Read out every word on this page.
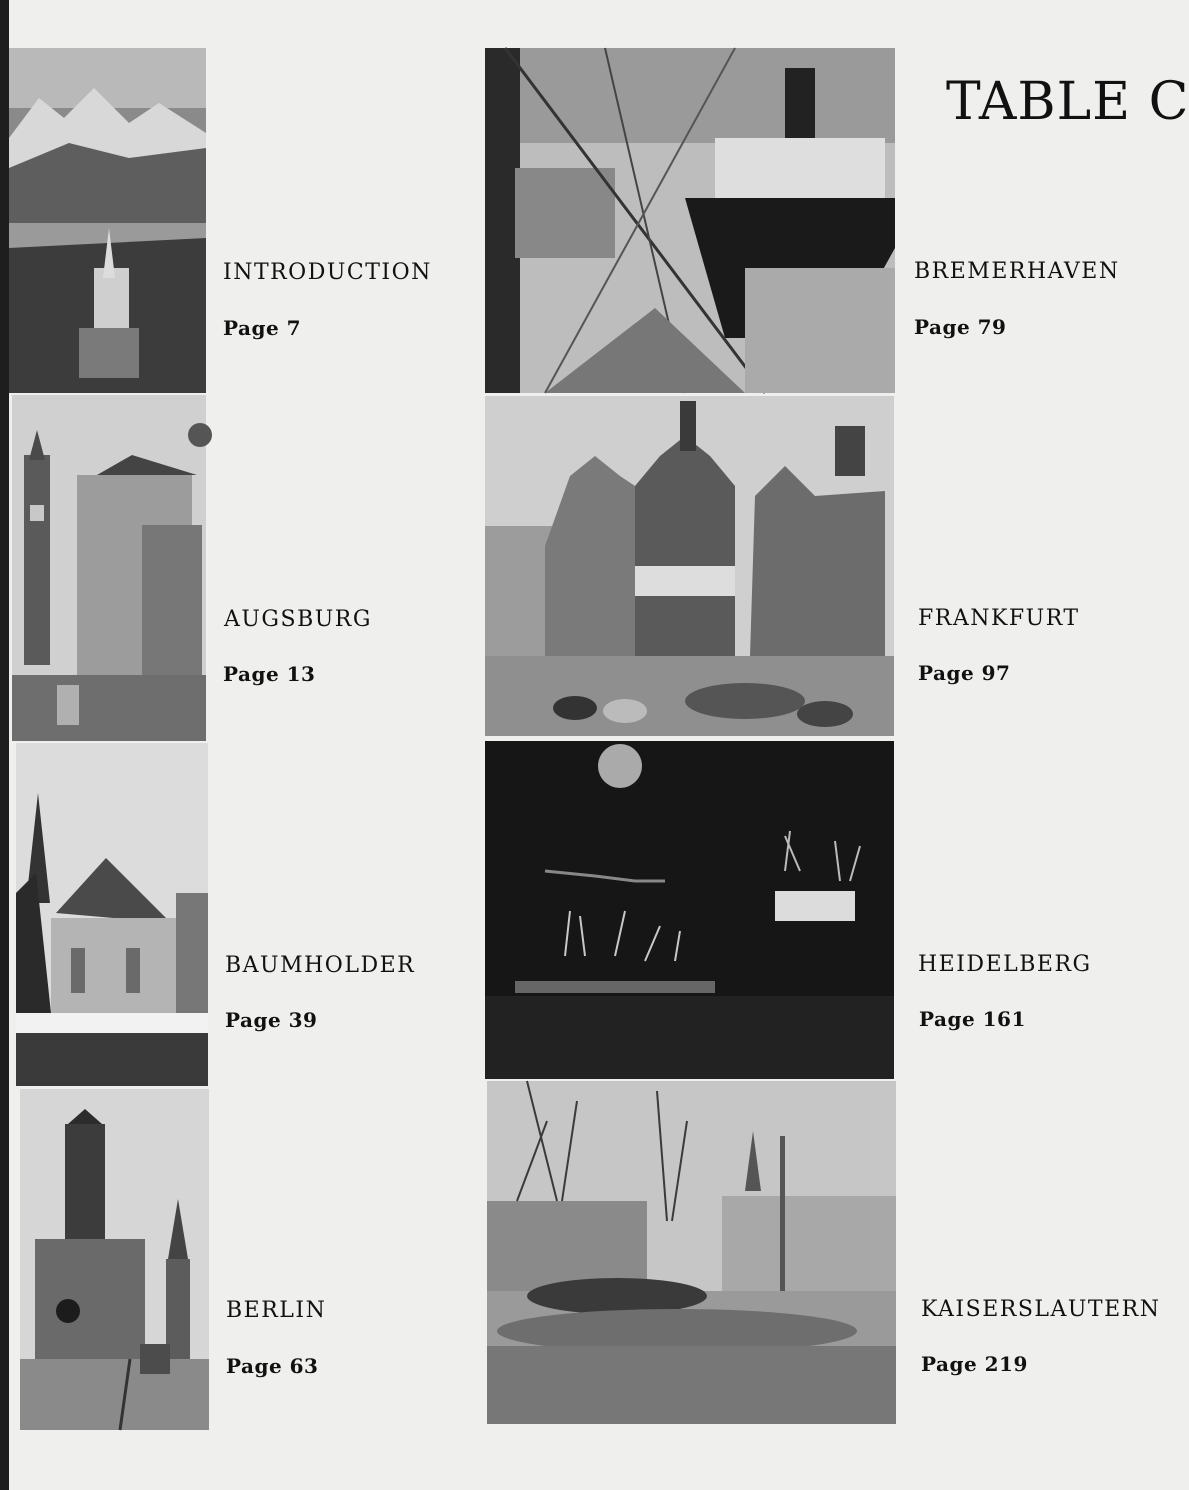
TABLE C
INTRODUCTION
Page 7
AUGSBURG
Page 13
BAUMHOLDER
Page 39
BERLIN
Page 63
BREMERHAVEN
Page 79
FRANKFURT
Page 97
HEIDELBERG
Page 161
KAISERSLAUTERN
Page 219
